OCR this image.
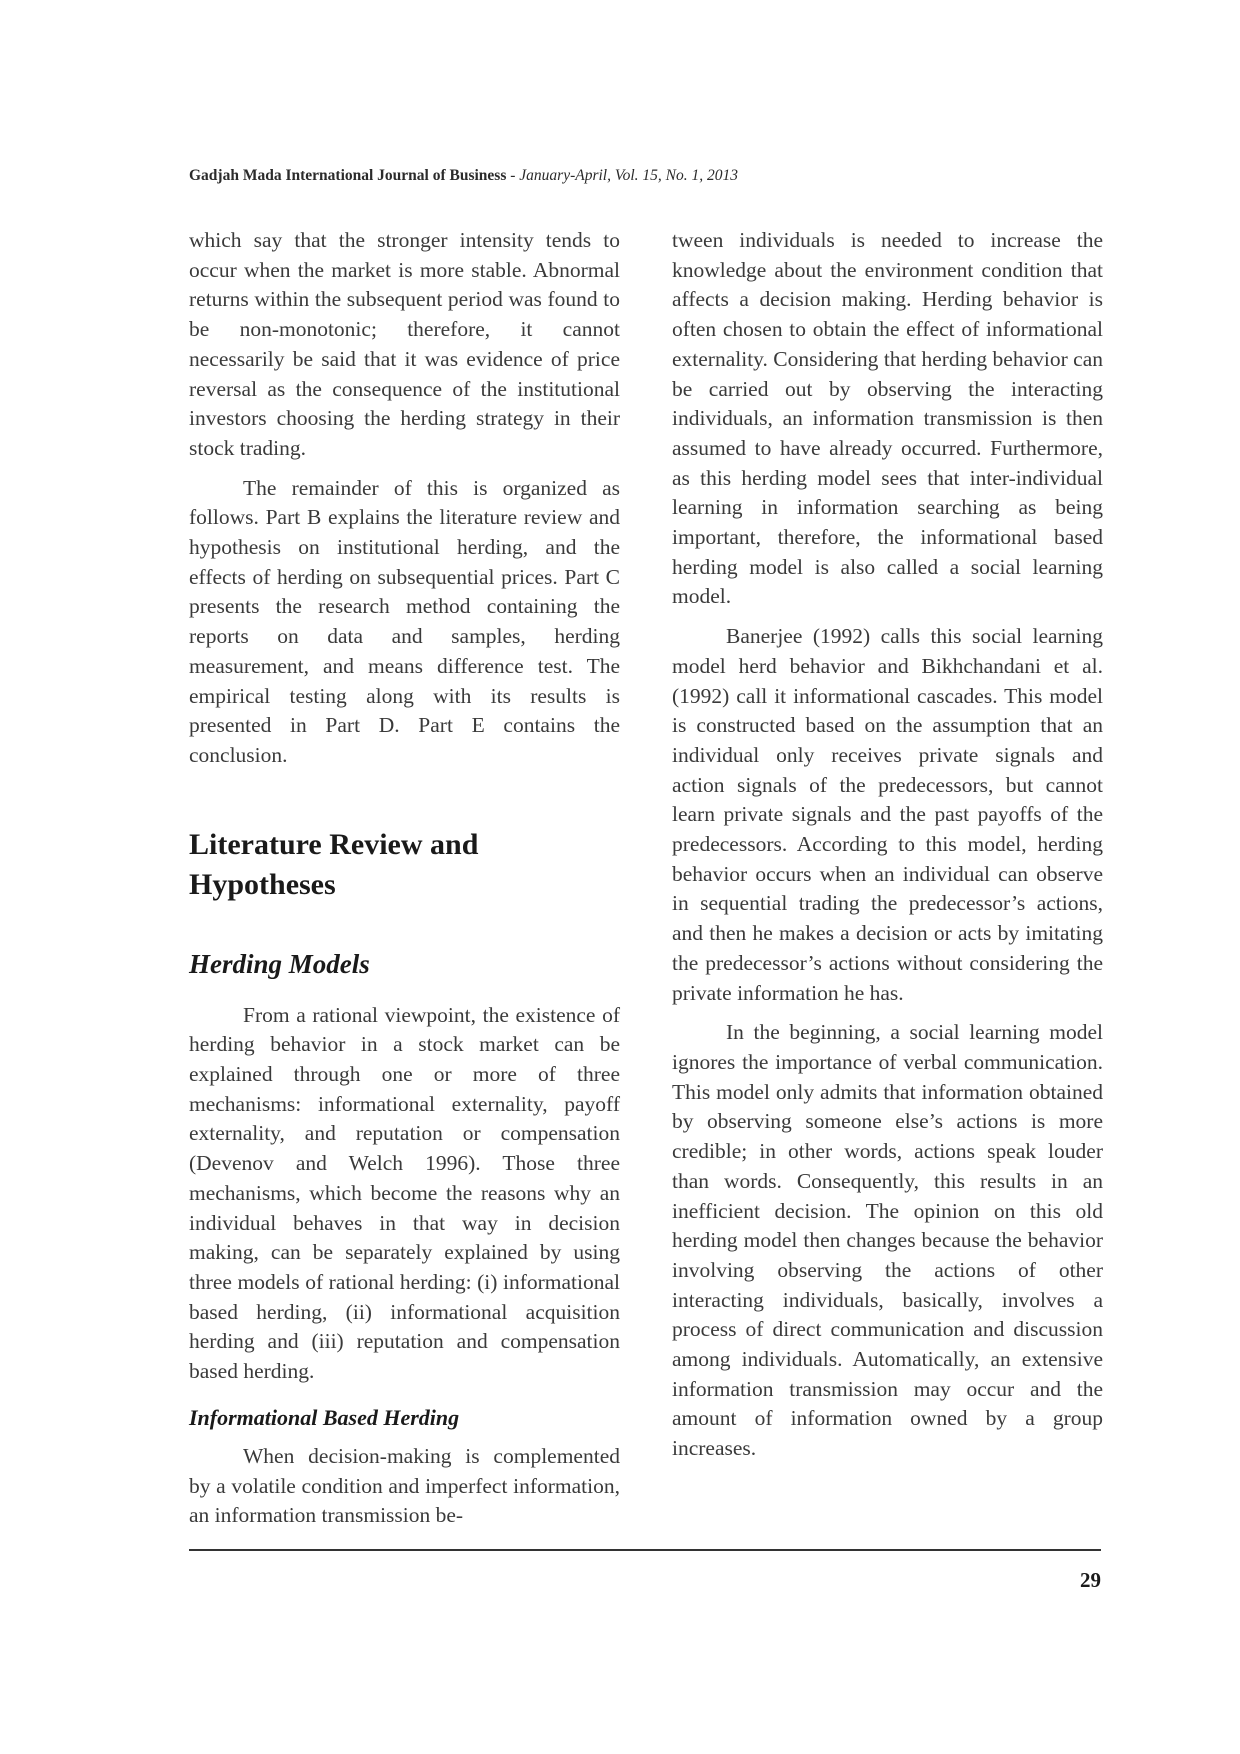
Gadjah Mada International Journal of Business - January-April, Vol. 15, No. 1, 2013

which say that the stronger intensity tends to occur when the market is more stable. Abnormal returns within the subsequent period was found to be non-monotonic; therefore, it cannot necessarily be said that it was evidence of price reversal as the consequence of the institutional investors choosing the herding strategy in their stock trading.

The remainder of this is organized as follows. Part B explains the literature review and hypothesis on institutional herding, and the effects of herding on subsequential prices. Part C presents the research method containing the reports on data and samples, herding measurement, and means difference test. The empirical testing along with its results is presented in Part D. Part E contains the conclusion.

Literature Review and Hypotheses
Herding Models

From a rational viewpoint, the existence of herding behavior in a stock market can be explained through one or more of three mechanisms: informational externality, payoff externality, and reputation or compensation (Devenov and Welch 1996). Those three mechanisms, which become the reasons why an individual behaves in that way in decision making, can be separately explained by using three models of rational herding: (i) informational based herding, (ii) informational acquisition herding and (iii) reputation and compensation based herding.

Informational Based Herding

When decision-making is complemented by a volatile condition and imperfect information, an information transmission be-

tween individuals is needed to increase the knowledge about the environment condition that affects a decision making. Herding behavior is often chosen to obtain the effect of informational externality. Considering that herding behavior can be carried out by observing the interacting individuals, an information transmission is then assumed to have already occurred. Furthermore, as this herding model sees that inter-individual learning in information searching as being important, therefore, the informational based herding model is also called a social learning model.

Banerjee (1992) calls this social learning model herd behavior and Bikhchandani et al. (1992) call it informational cascades. This model is constructed based on the assumption that an individual only receives private signals and action signals of the predecessors, but cannot learn private signals and the past payoffs of the predecessors. According to this model, herding behavior occurs when an individual can observe in sequential trading the predecessor’s actions, and then he makes a decision or acts by imitating the predecessor’s actions without considering the private information he has.

In the beginning, a social learning model ignores the importance of verbal communication. This model only admits that information obtained by observing someone else’s actions is more credible; in other words, actions speak louder than words. Consequently, this results in an inefficient decision. The opinion on this old herding model then changes because the behavior involving observing the actions of other interacting individuals, basically, involves a process of direct communication and discussion among individuals. Automatically, an extensive information transmission may occur and the amount of information owned by a group increases.

29
